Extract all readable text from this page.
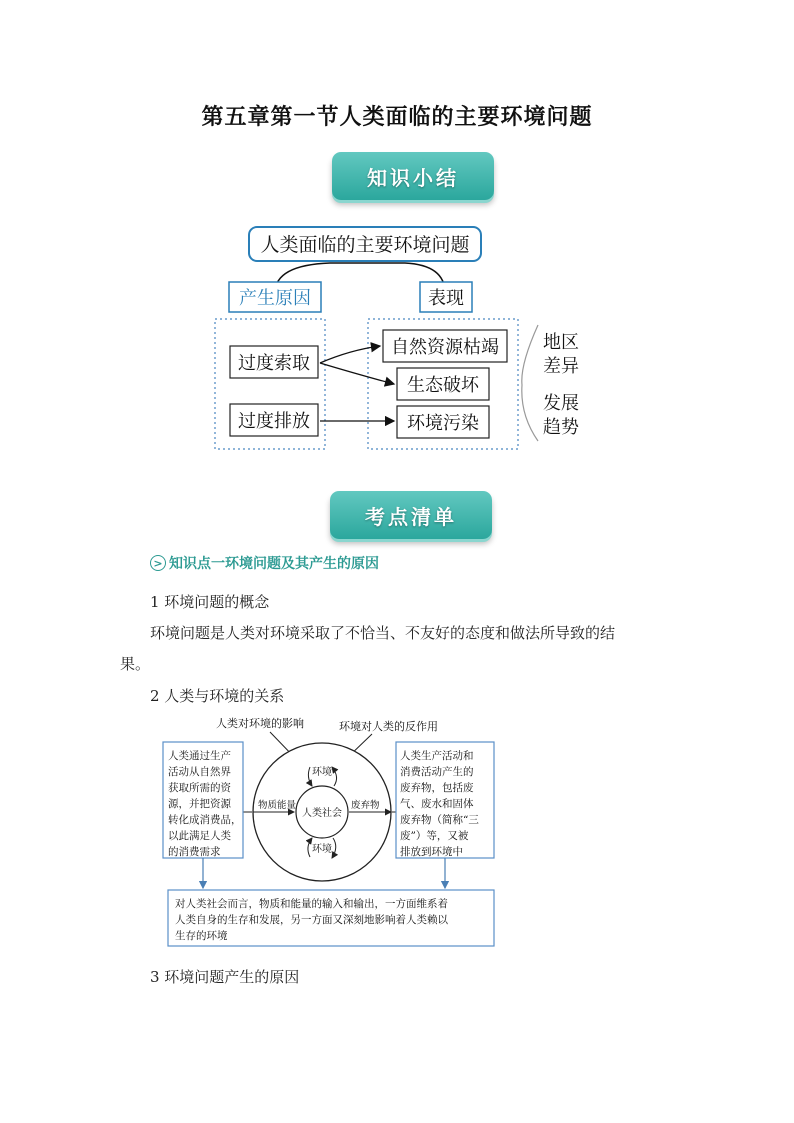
第五章第一节人类面临的主要环境问题
知识小结
人类面临的主要环境问题
产生原因	表现
过度索取
过度排放
自然资源枯竭
生态破坏
环境污染
地区
差异
发展
趋势
考点清单
> 知识点一环境问题及其产生的原因
1 环境问题的概念
环境问题是人类对环境采取了不恰当、不友好的态度和做法所导致的结
果。
2 人类与环境的关系
人类对环境的影响	环境对人类的反作用
人类社会
环境
环境
物质能量	废弃物
人类通过生产 活动从自然界 获取所需的资 源，并把资源 转化成消费品， 以此满足人类 的消费需求
人类生产活动和 消费活动产生的 废弃物，包括废 气、废水和固体 废弃物（简称“三 废”）等，又被 排放到环境中
对人类社会而言，物质和能量的输入和输出，一方面维系着 人类自身的生存和发展，另一方面又深刻地影响着人类赖以 生存的环境
3 环境问题产生的原因
